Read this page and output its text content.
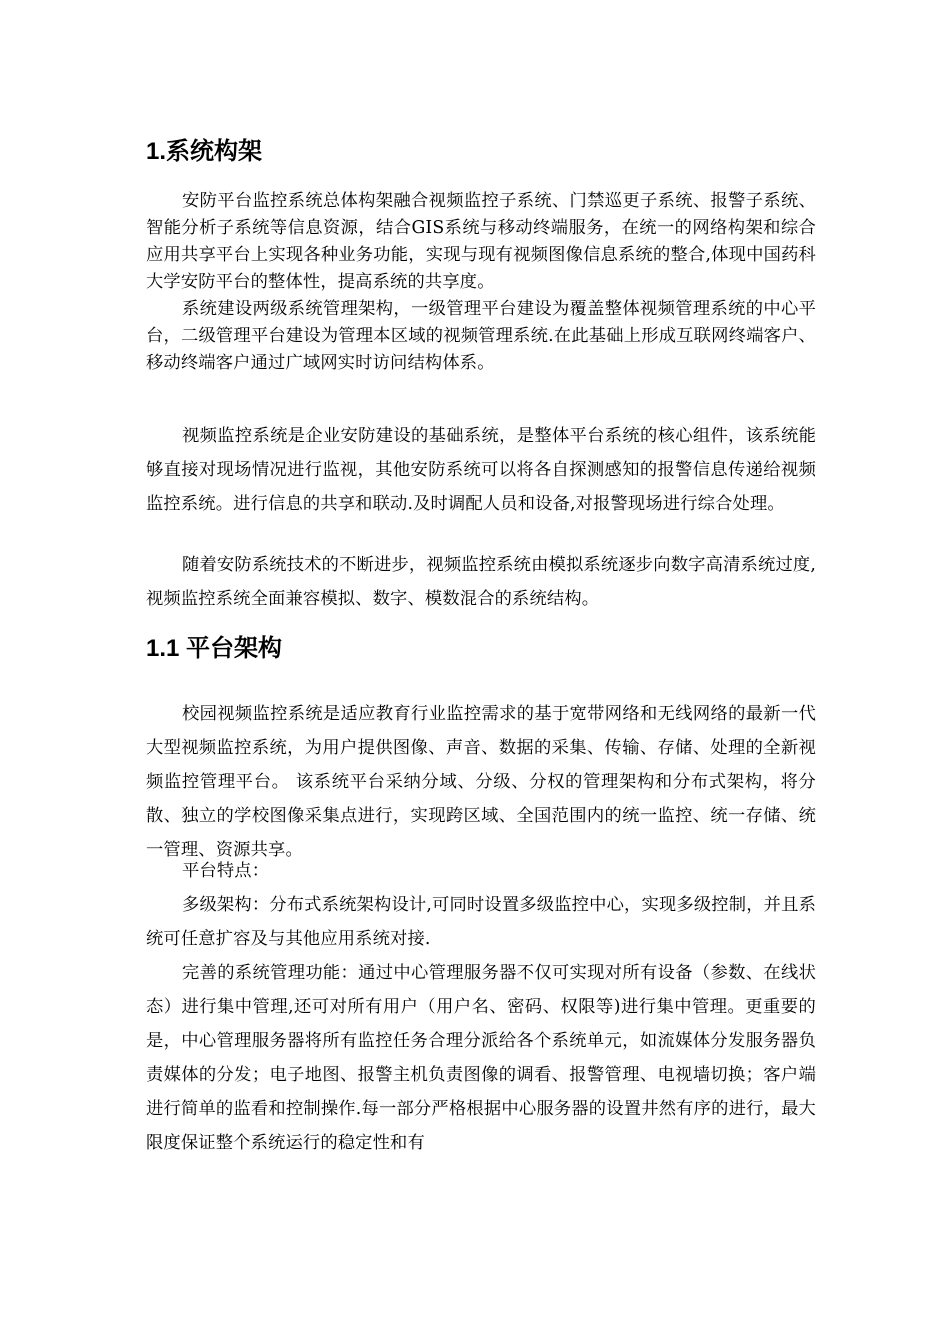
1.系统构架

安防平台监控系统总体构架融合视频监控子系统、门禁巡更子系统、报警子系统、智能分析子系统等信息资源，结合GIS系统与移动终端服务，在统一的网络构架和综合应用共享平台上实现各种业务功能，实现与现有视频图像信息系统的整合,体现中国药科大学安防平台的整体性，提高系统的共享度。

系统建设两级系统管理架构，一级管理平台建设为覆盖整体视频管理系统的中心平台，二级管理平台建设为管理本区域的视频管理系统.在此基础上形成互联网终端客户、移动终端客户通过广域网实时访问结构体系。

视频监控系统是企业安防建设的基础系统，是整体平台系统的核心组件，该系统能够直接对现场情况进行监视，其他安防系统可以将各自探测感知的报警信息传递给视频监控系统。进行信息的共享和联动.及时调配人员和设备,对报警现场进行综合处理。

随着安防系统技术的不断进步，视频监控系统由模拟系统逐步向数字高清系统过度,视频监控系统全面兼容模拟、数字、模数混合的系统结构。

1.1 平台架构

校园视频监控系统是适应教育行业监控需求的基于宽带网络和无线网络的最新一代大型视频监控系统，为用户提供图像、声音、数据的采集、传输、存储、处理的全新视频监控管理平台。 该系统平台采纳分域、分级、分权的管理架构和分布式架构，将分散、独立的学校图像采集点进行，实现跨区域、全国范围内的统一监控、统一存储、统一管理、资源共享。

平台特点：

多级架构：分布式系统架构设计,可同时设置多级监控中心，实现多级控制，并且系统可任意扩容及与其他应用系统对接.

完善的系统管理功能：通过中心管理服务器不仅可实现对所有设备（参数、在线状态）进行集中管理,还可对所有用户（用户名、密码、权限等)进行集中管理。更重要的是，中心管理服务器将所有监控任务合理分派给各个系统单元，如流媒体分发服务器负责媒体的分发；电子地图、报警主机负责图像的调看、报警管理、电视墙切换；客户端进行简单的监看和控制操作.每一部分严格根据中心服务器的设置井然有序的进行，最大限度保证整个系统运行的稳定性和有
